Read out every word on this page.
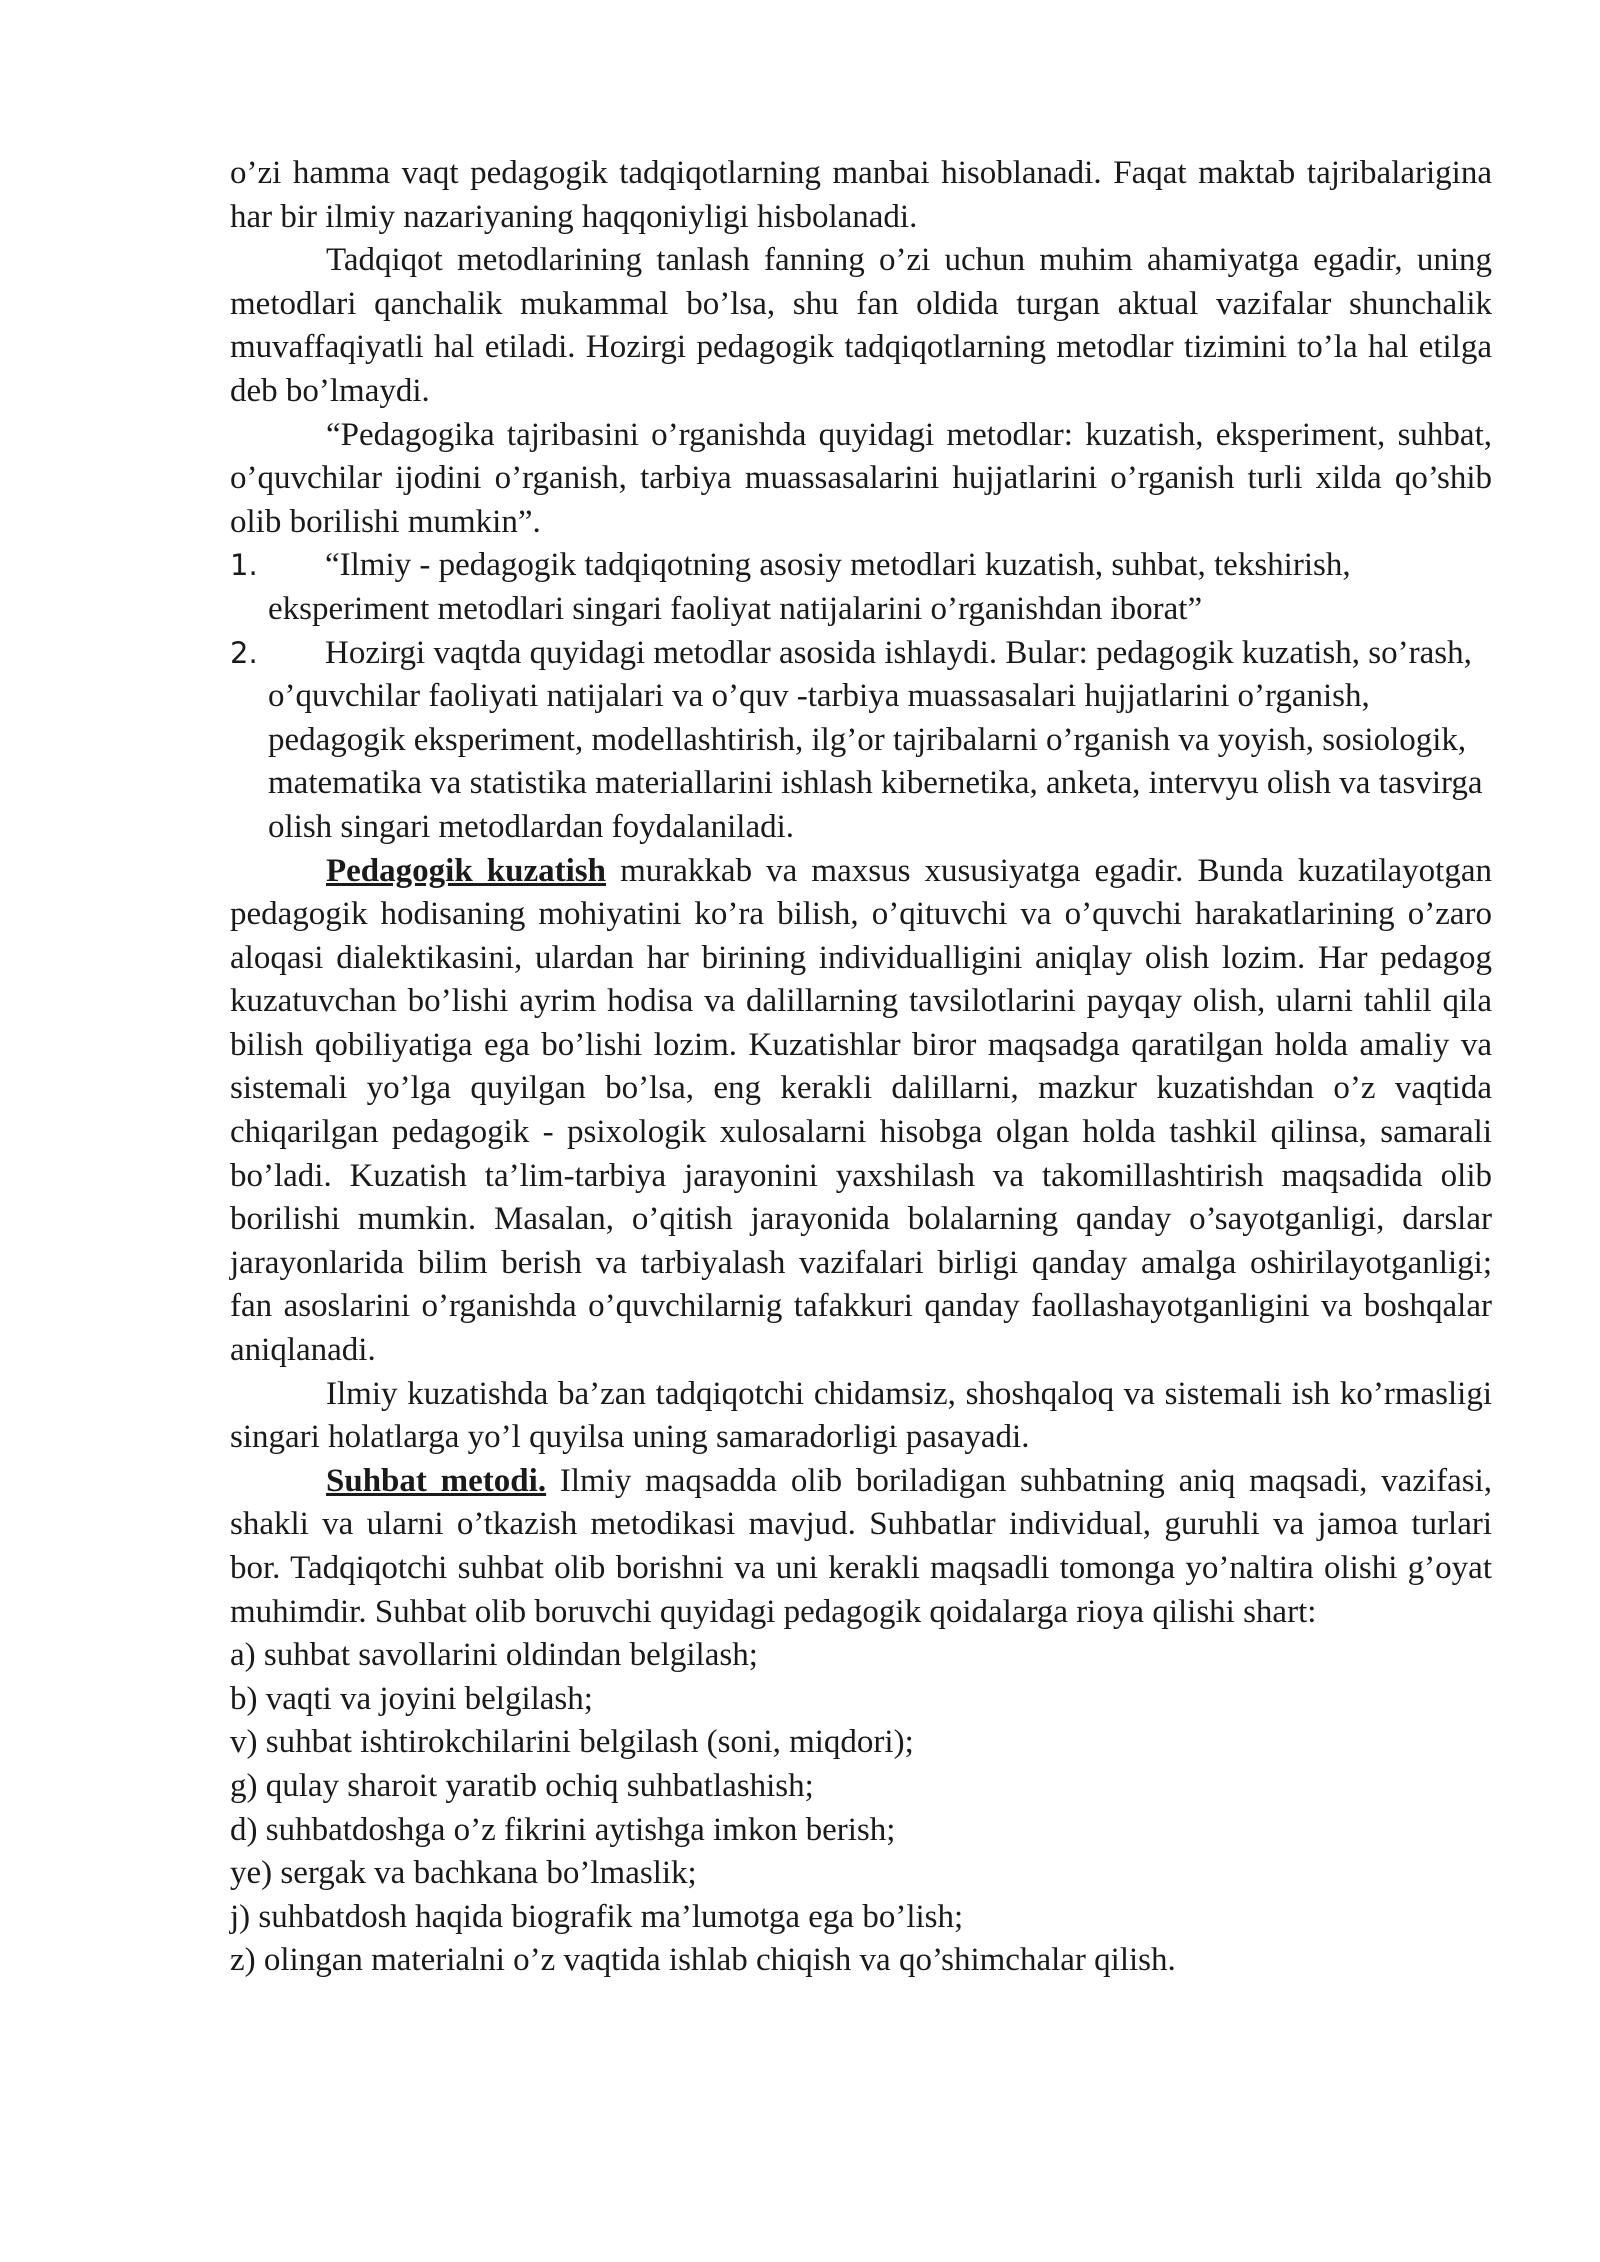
o’zi hamma vaqt pedagogik tadqiqotlarning manbai hisoblanadi. Faqat maktab tajribalarigina har bir ilmiy nazariyaning haqqoniyligi hisbolanadi.

Tadqiqot metodlarining tanlash fanning o’zi uchun muhim ahamiyatga egadir, uning metodlari qanchalik mukammal bo’lsa, shu fan oldida turgan aktual vazifalar shunchalik muvaffaqiyatli hal etiladi. Hozirgi pedagogik tadqiqotlarning metodlar tizimini to’la hal etilga deb bo’lmaydi.

“Pedagogika tajribasini o’rganishda quyidagi metodlar: kuzatish, eksperiment, suhbat, o’quvchilar ijodini o’rganish, tarbiya muassasalarini hujjatlarini o’rganish turli xilda qo’shib olib borilishi mumkin”.

1.	“Ilmiy - pedagogik tadqiqotning asosiy metodlari kuzatish, suhbat, tekshirish, eksperiment metodlari singari faoliyat natijalarini o’rganishdan iborat”
2.	Hozirgi vaqtda quyidagi metodlar asosida ishlaydi. Bular: pedagogik kuzatish, so’rash, o’quvchilar faoliyati natijalari va o’quv -tarbiya muassasalari hujjatlarini o’rganish, pedagogik eksperiment, modellashtirish, ilg’or tajribalarni o’rganish va yoyish, sosiologik, matematika va statistika materiallarini ishlash kibernetika, anketa, intervyu olish va tasvirga olish singari metodlardan foydalaniladi.

Pedagogik kuzatish murakkab va maxsus xususiyatga egadir. Bunda kuzatilayotgan pedagogik hodisaning mohiyatini ko’ra bilish, o’qituvchi va o’quvchi harakatlarining o’zaro aloqasi dialektikasini, ulardan har birining individualligini aniqlay olish lozim. Har pedagog kuzatuvchan bo’lishi ayrim hodisa va dalillarning tavsilotlarini payqay olish, ularni tahlil qila bilish qobiliyatiga ega bo’lishi lozim. Kuzatishlar biror maqsadga qaratilgan holda amaliy va sistemali yo’lga quyilgan bo’lsa, eng kerakli dalillarni, mazkur kuzatishdan o’z vaqtida chiqarilgan pedagogik - psixologik xulosalarni hisobga olgan holda tashkil qilinsa, samarali bo’ladi. Kuzatish ta’lim-tarbiya jarayonini yaxshilash va takomillashtirish maqsadida olib borilishi mumkin. Masalan, o’qitish jarayonida bolalarning qanday o’sayotganligi, darslar jarayonlarida bilim berish va tarbiyalash vazifalari birligi qanday amalga oshirilayotganligi; fan asoslarini o’rganishda o’quvchilarnig tafakkuri qanday faollashayotganligini va boshqalar aniqlanadi.

Ilmiy kuzatishda ba’zan tadqiqotchi chidamsiz, shoshqaloq va sistemali ish ko’rmasligi singari holatlarga yo’l quyilsa uning samaradorligi pasayadi.

Suhbat metodi. Ilmiy maqsadda olib boriladigan suhbatning aniq maqsadi, vazifasi, shakli va ularni o’tkazish metodikasi mavjud. Suhbatlar individual, guruhli va jamoa turlari bor. Tadqiqotchi suhbat olib borishni va uni kerakli maqsadli tomonga yo’naltira olishi g’oyat muhimdir. Suhbat olib boruvchi quyidagi pedagogik qoidalarga rioya qilishi shart:

a) suhbat savollarini oldindan belgilash;

b) vaqti va joyini belgilash;

v) suhbat ishtirokchilarini belgilash (soni, miqdori);

g) qulay sharoit yaratib ochiq suhbatlashish;

d) suhbatdoshga o’z fikrini aytishga imkon berish;

ye) sergak va bachkana bo’lmaslik;

j) suhbatdosh haqida biografik ma’lumotga ega bo’lish;

z) olingan materialni o’z vaqtida ishlab chiqish va qo’shimchalar qilish.
